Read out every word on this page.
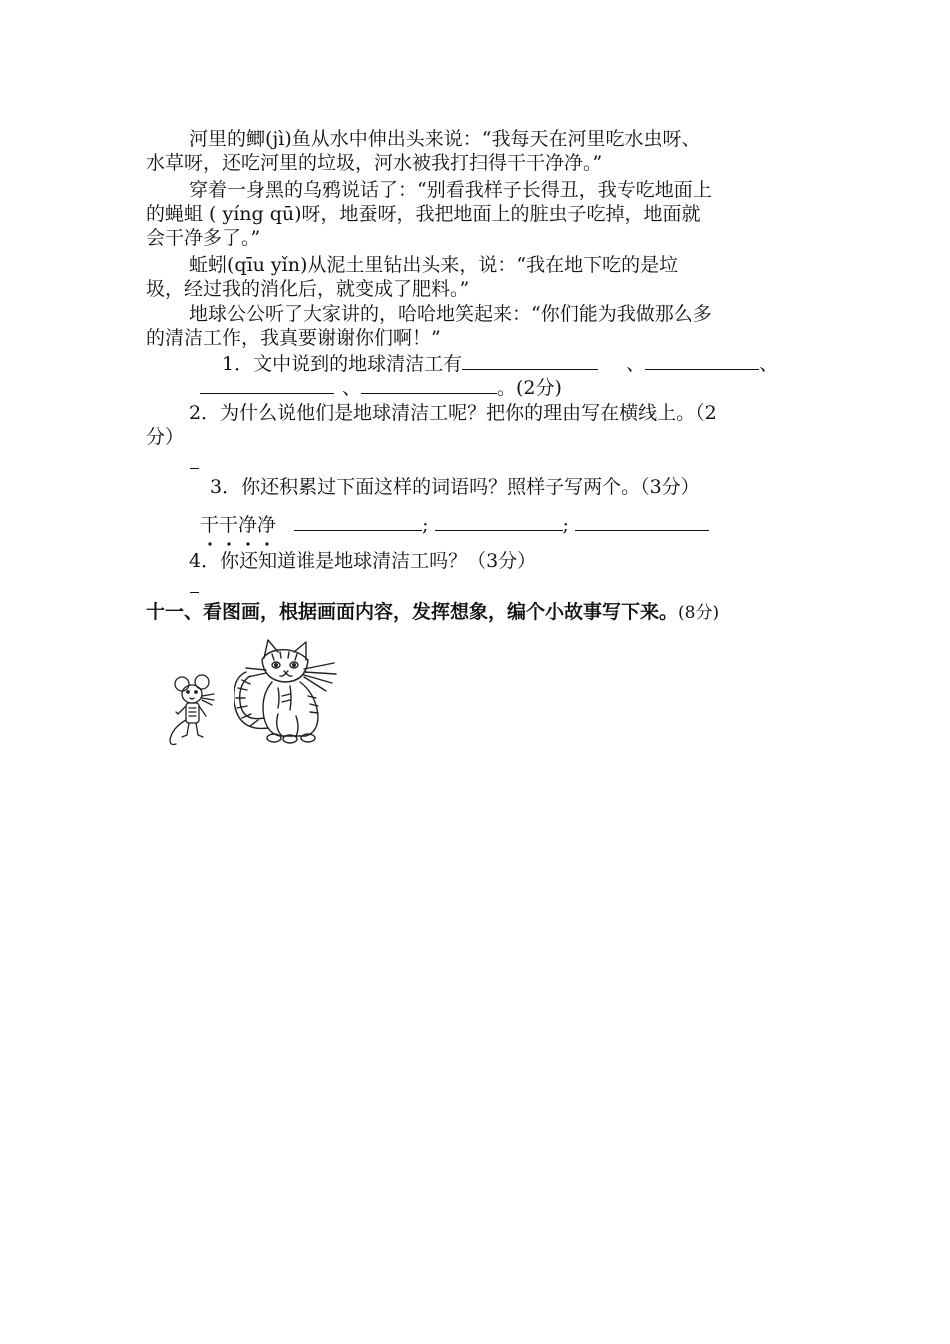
河里的鲫(jì)鱼从水中伸出头来说：“我每天在河里吃水虫呀、
水草呀，还吃河里的垃圾，河水被我打扫得干干净净。”
穿着一身黑的乌鸦说话了：“别看我样子长得丑，我专吃地面上
的蝇蛆 ( yíng qū)呀，地蚕呀，我把地面上的脏虫子吃掉，地面就
会干净多了。”
蚯蚓(qīu yǐn)从泥土里钻出头来，说：“我在地下吃的是垃
圾，经过我的消化后，就变成了肥料。”
地球公公听了大家讲的，哈哈地笑起来：“你们能为我做那么多
的清洁工作，我真要谢谢你们啊！”
1．文中说到的地球清洁工有	、	、
、	。(2分)
2．为什么说他们是地球清洁工呢？把你的理由写在横线上。（2
分）
3．你还积累过下面这样的词语吗？照样子写两个。（3分）
干干净净	;	;
4．你还知道谁是地球清洁工吗？（3分）
十一、看图画，根据画面内容，发挥想象，编个小故事写下来。(8分)
